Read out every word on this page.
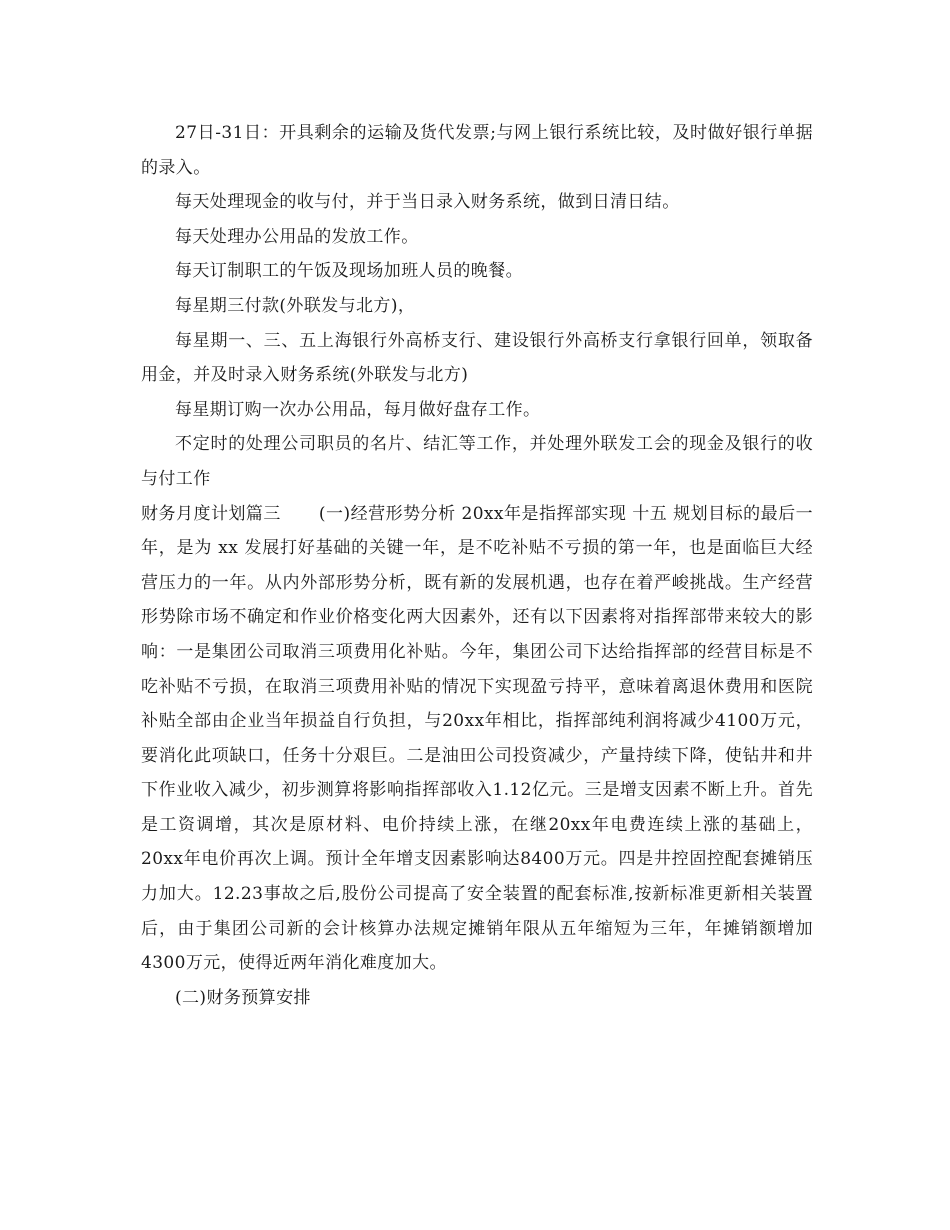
27日-31日：开具剩余的运输及货代发票;与网上银行系统比较，及时做好银行单据的录入。

每天处理现金的收与付，并于当日录入财务系统，做到日清日结。

每天处理办公用品的发放工作。

每天订制职工的午饭及现场加班人员的晚餐。

每星期三付款(外联发与北方)，

每星期一、三、五上海银行外高桥支行、建设银行外高桥支行拿银行回单，领取备用金，并及时录入财务系统(外联发与北方)

每星期订购一次办公用品，每月做好盘存工作。

不定时的处理公司职员的名片、结汇等工作，并处理外联发工会的现金及银行的收与付工作

财务月度计划篇三 (一)经营形势分析 20xx年是指挥部实现 十五 规划目标的最后一年，是为 xx 发展打好基础的关键一年，是不吃补贴不亏损的第一年，也是面临巨大经营压力的一年。从内外部形势分析，既有新的发展机遇，也存在着严峻挑战。生产经营形势除市场不确定和作业价格变化两大因素外，还有以下因素将对指挥部带来较大的影响：一是集团公司取消三项费用化补贴。今年，集团公司下达给指挥部的经营目标是不吃补贴不亏损，在取消三项费用补贴的情况下实现盈亏持平，意味着离退休费用和医院补贴全部由企业当年损益自行负担，与20xx年相比，指挥部纯利润将减少4100万元，要消化此项缺口，任务十分艰巨。二是油田公司投资减少，产量持续下降，使钻井和井下作业收入减少，初步测算将影响指挥部收入1.12亿元。三是增支因素不断上升。首先是工资调增，其次是原材料、电价持续上涨，在继20xx年电费连续上涨的基础上，20xx年电价再次上调。预计全年增支因素影响达8400万元。四是井控固控配套摊销压力加大。12.23事故之后,股份公司提高了安全装置的配套标准,按新标准更新相关装置后，由于集团公司新的会计核算办法规定摊销年限从五年缩短为三年，年摊销额增加4300万元，使得近两年消化难度加大。

(二)财务预算安排
